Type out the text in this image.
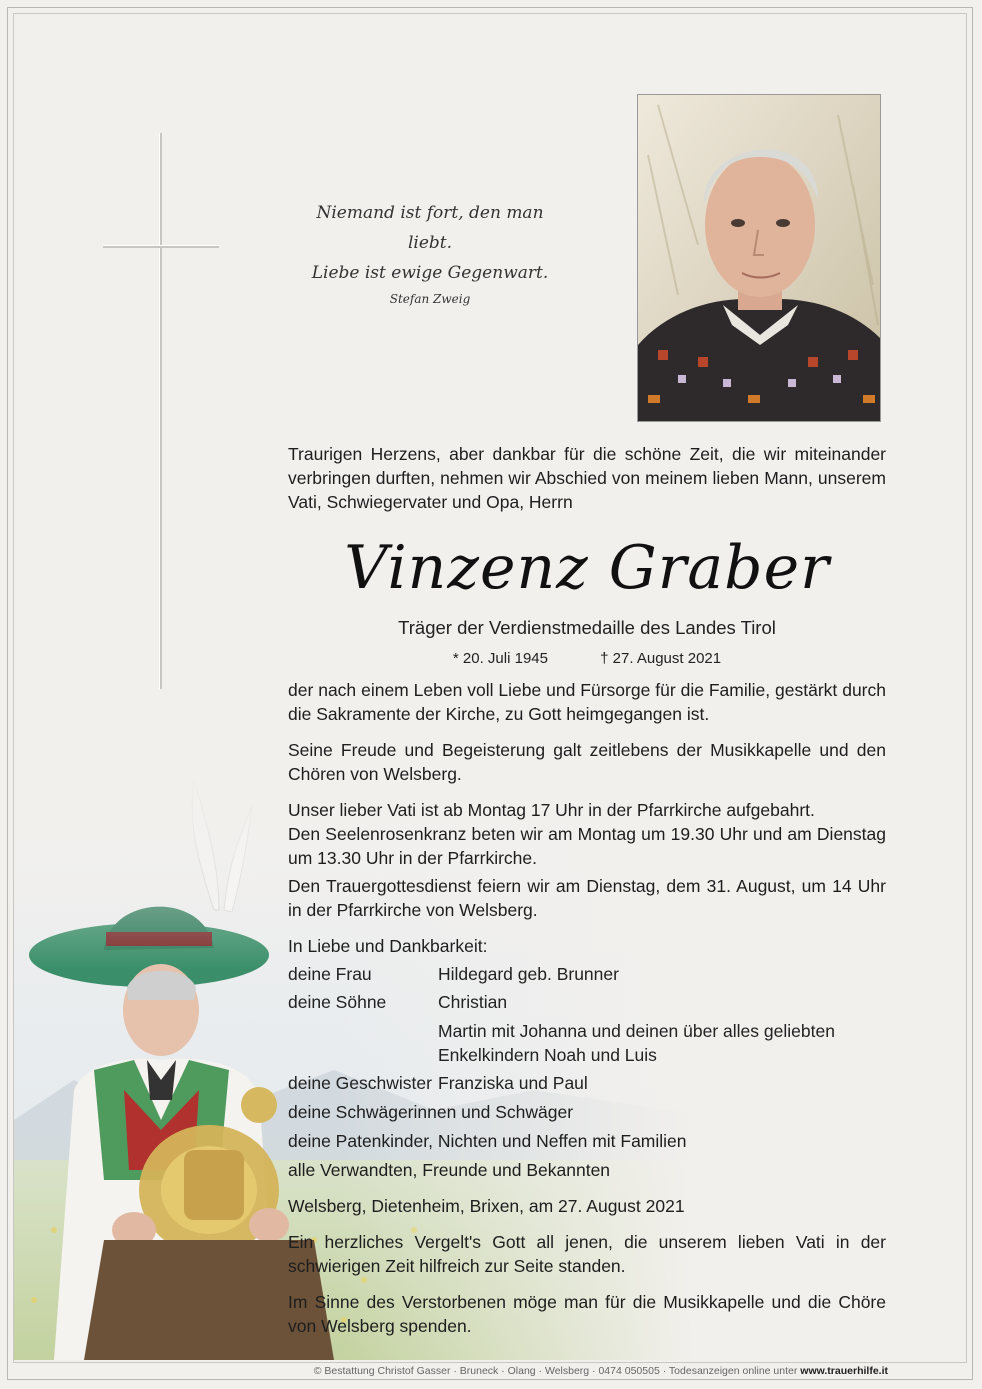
Niemand ist fort, den man liebt.
Liebe ist ewige Gegenwart.
Stefan Zweig
Traurigen Herzens, aber dankbar für die schöne Zeit, die wir miteinander verbringen durften, nehmen wir Abschied von meinem lieben Mann, unserem Vati, Schwiegervater und Opa, Herrn
Vinzenz Graber
Träger der Verdienstmedaille des Landes Tirol
* 20. Juli 1945	† 27. August 2021
der nach einem Leben voll Liebe und Fürsorge für die Familie, gestärkt durch die Sakramente der Kirche, zu Gott heimgegangen ist.
Seine Freude und Begeisterung galt zeitlebens der Musikkapelle und den Chören von Welsberg.
Unser lieber Vati ist ab Montag 17 Uhr in der Pfarrkirche aufgebahrt.
Den Seelenrosenkranz beten wir am Montag um 19.30 Uhr und am Dienstag um 13.30 Uhr in der Pfarrkirche.
Den Trauergottesdienst feiern wir am Dienstag, dem 31. August, um 14 Uhr in der Pfarrkirche von Welsberg.
In Liebe und Dankbarkeit:
deine Frau	Hildegard geb. Brunner
deine Söhne	Christian
Martin mit Johanna und deinen über alles geliebten Enkelkindern Noah und Luis
deine Geschwister Franziska und Paul
deine Schwägerinnen und Schwäger
deine Patenkinder, Nichten und Neffen mit Familien
alle Verwandten, Freunde und Bekannten
Welsberg, Dietenheim, Brixen, am 27. August 2021
Ein herzliches Vergelt's Gott all jenen, die unserem lieben Vati in der schwierigen Zeit hilfreich zur Seite standen.
Im Sinne des Verstorbenen möge man für die Musikkapelle und die Chöre von Welsberg spenden.
© Bestattung Christof Gasser · Bruneck · Olang · Welsberg · 0474 050505 · Todesanzeigen online unter www.trauerhilfe.it
